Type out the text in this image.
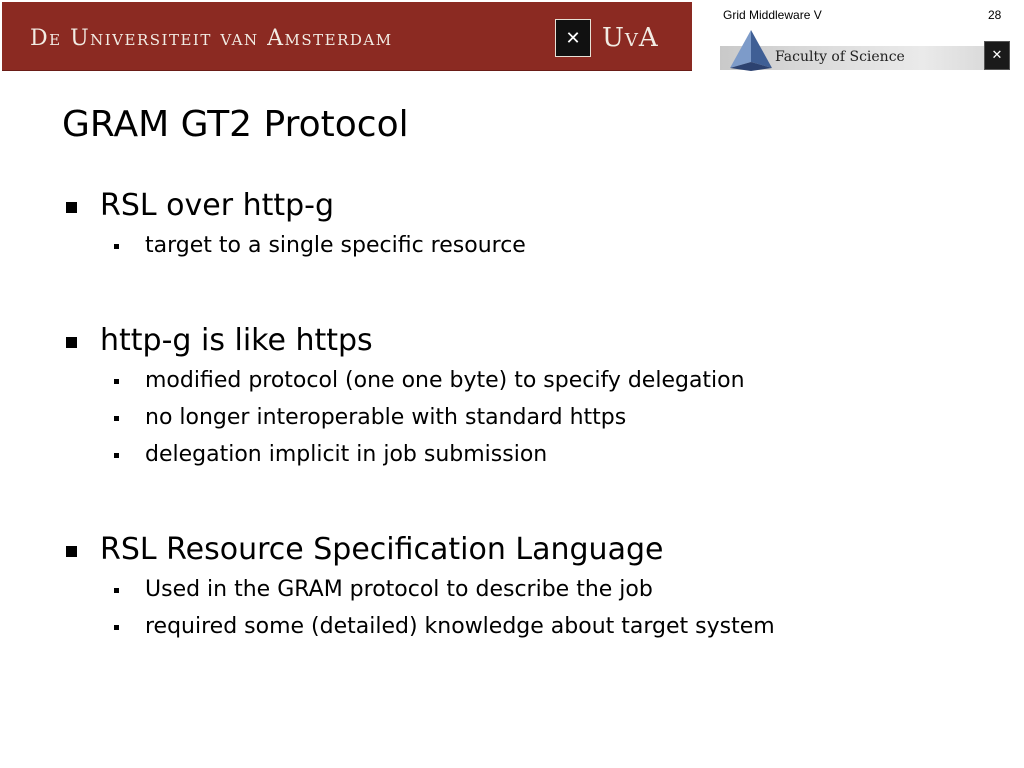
De Universiteit van Amsterdam	✕ UvA
Grid Middleware V	28
Faculty of Science	✕
GRAM GT2 Protocol
RSL over http-g
target to a single specific resource
http-g is like https
modified protocol (one one byte) to specify delegation
no longer interoperable with standard https
delegation implicit in job submission
RSL Resource Specification Language
Used in the GRAM protocol to describe the job
required some (detailed) knowledge about target system
